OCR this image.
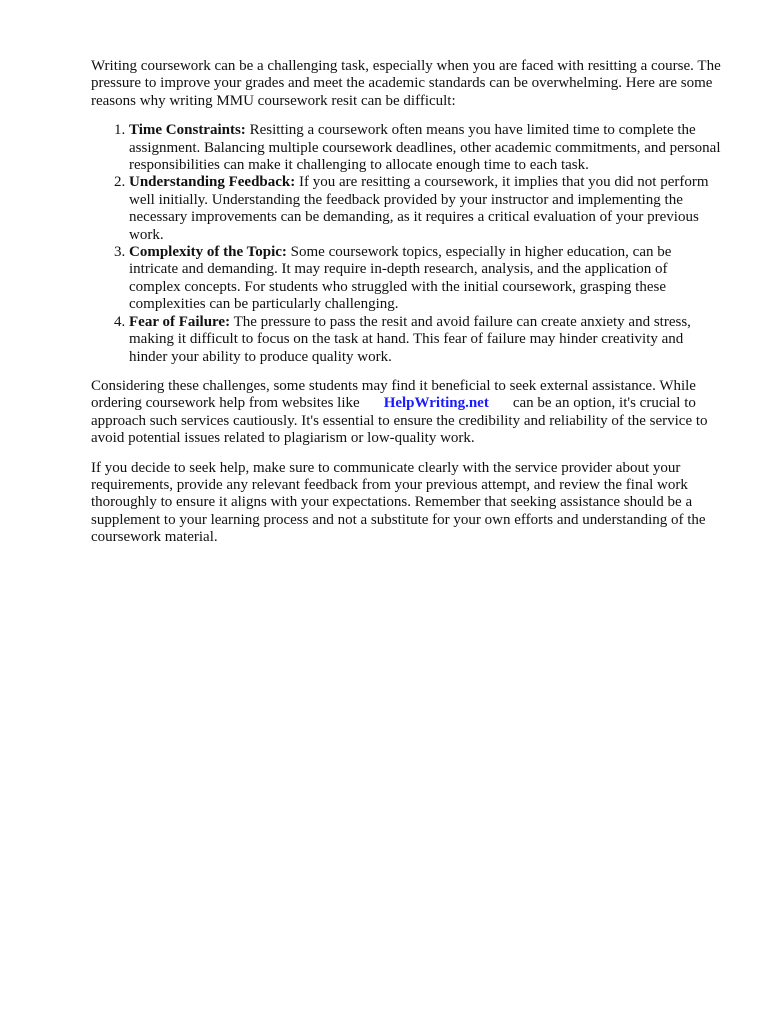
Writing coursework can be a challenging task, especially when you are faced with resitting a course. The pressure to improve your grades and meet the academic standards can be overwhelming. Here are some reasons why writing MMU coursework resit can be difficult:

1. Time Constraints: Resitting a coursework often means you have limited time to complete the assignment. Balancing multiple coursework deadlines, other academic commitments, and personal responsibilities can make it challenging to allocate enough time to each task.
2. Understanding Feedback: If you are resitting a coursework, it implies that you did not perform well initially. Understanding the feedback provided by your instructor and implementing the necessary improvements can be demanding, as it requires a critical evaluation of your previous work.
3. Complexity of the Topic: Some coursework topics, especially in higher education, can be intricate and demanding. It may require in-depth research, analysis, and the application of complex concepts. For students who struggled with the initial coursework, grasping these complexities can be particularly challenging.
4. Fear of Failure: The pressure to pass the resit and avoid failure can create anxiety and stress, making it difficult to focus on the task at hand. This fear of failure may hinder creativity and hinder your ability to produce quality work.

Considering these challenges, some students may find it beneficial to seek external assistance. While ordering coursework help from websites like HelpWriting.net can be an option, it's crucial to approach such services cautiously. It's essential to ensure the credibility and reliability of the service to avoid potential issues related to plagiarism or low-quality work.

If you decide to seek help, make sure to communicate clearly with the service provider about your requirements, provide any relevant feedback from your previous attempt, and review the final work thoroughly to ensure it aligns with your expectations. Remember that seeking assistance should be a supplement to your learning process and not a substitute for your own efforts and understanding of the coursework material.
